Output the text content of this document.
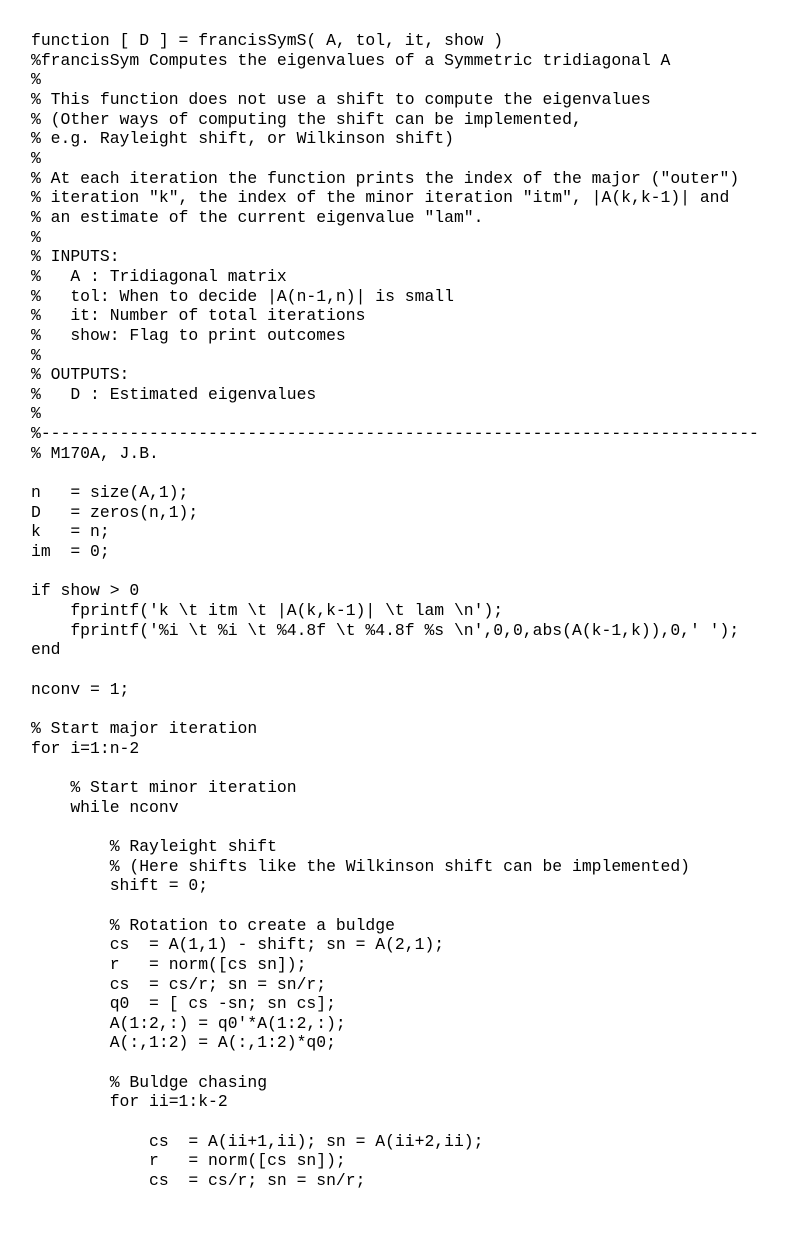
function [ D ] = francisSymS( A, tol, it, show )
%francisSym Computes the eigenvalues of a Symmetric tridiagonal A
%
% This function does not use a shift to compute the eigenvalues
% (Other ways of computing the shift can be implemented,
% e.g. Rayleight shift, or Wilkinson shift)
%
% At each iteration the function prints the index of the major ("outer")
% iteration "k", the index of the minor iteration "itm", |A(k,k-1)| and
% an estimate of the current eigenvalue "lam".
%
% INPUTS:
%   A : Tridiagonal matrix
%   tol: When to decide |A(n-1,n)| is small
%   it: Number of total iterations
%   show: Flag to print outcomes
%
% OUTPUTS:
%   D : Estimated eigenvalues
%
%-------------------------------------------------------------------------
% M170A, J.B.
n   = size(A,1);
D   = zeros(n,1);
k   = n;
im  = 0;
if show > 0
fprintf('k \t itm \t |A(k,k-1)| \t lam \n');
fprintf('%i \t %i \t %4.8f \t %4.8f %s \n',0,0,abs(A(k-1,k)),0,' ');
end
nconv = 1;
% Start major iteration
for i=1:n-2
% Start minor iteration
while nconv
% Rayleight shift
% (Here shifts like the Wilkinson shift can be implemented)
shift = 0;
% Rotation to create a buldge
cs  = A(1,1) - shift; sn = A(2,1);
r   = norm([cs sn]);
cs  = cs/r; sn = sn/r;
q0  = [ cs -sn; sn cs];
A(1:2,:) = q0'*A(1:2,:);
A(:,1:2) = A(:,1:2)*q0;
% Buldge chasing
for ii=1:k-2
cs  = A(ii+1,ii); sn = A(ii+2,ii);
r   = norm([cs sn]);
cs  = cs/r; sn = sn/r;
